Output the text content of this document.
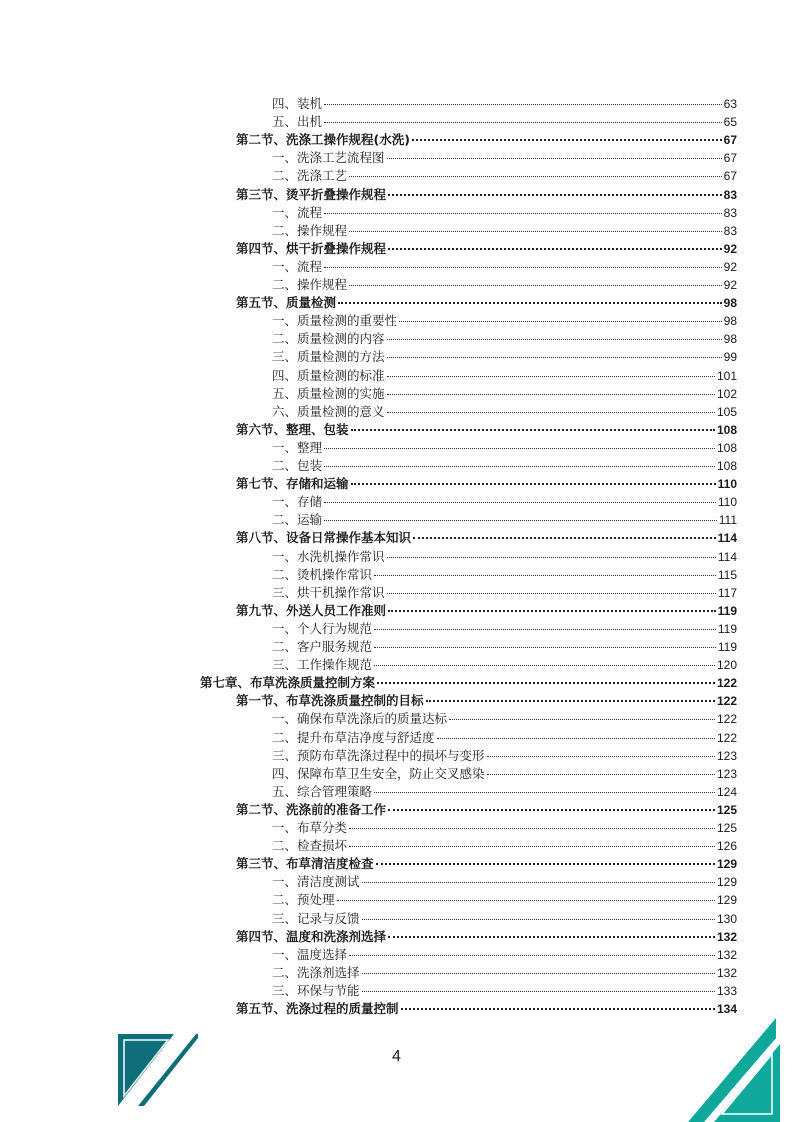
四、装机	63
五、出机	65
第二节、洗涤工操作规程(水洗)	67
一、洗涤工艺流程图	67
二、洗涤工艺	67
第三节、烫平折叠操作规程	83
一、流程	83
二、操作规程	83
第四节、烘干折叠操作规程	92
一、流程	92
二、操作规程	92
第五节、质量检测	98
一、质量检测的重要性	98
二、质量检测的内容	98
三、质量检测的方法	99
四、质量检测的标准	101
五、质量检测的实施	102
六、质量检测的意义	105
第六节、整理、包装	108
一、整理	108
二、包装	108
第七节、存储和运输	110
一、存储	110
二、运输	111
第八节、设备日常操作基本知识	114
一、水洗机操作常识	114
二、烫机操作常识	115
三、烘干机操作常识	117
第九节、外送人员工作准则	119
一、个人行为规范	119
二、客户服务规范	119
三、工作操作规范	120
第七章、布草洗涤质量控制方案	122
第一节、布草洗涤质量控制的目标	122
一、确保布草洗涤后的质量达标	122
二、提升布草洁净度与舒适度	122
三、预防布草洗涤过程中的损坏与变形	123
四、保障布草卫生安全，防止交叉感染	123
五、综合管理策略	124
第二节、洗涤前的准备工作	125
一、布草分类	125
二、检查损坏	126
第三节、布草清洁度检查	129
一、清洁度测试	129
二、预处理	129
三、记录与反馈	130
第四节、温度和洗涤剂选择	132
一、温度选择	132
二、洗涤剂选择	132
三、环保与节能	133
第五节、洗涤过程的质量控制	134
4
